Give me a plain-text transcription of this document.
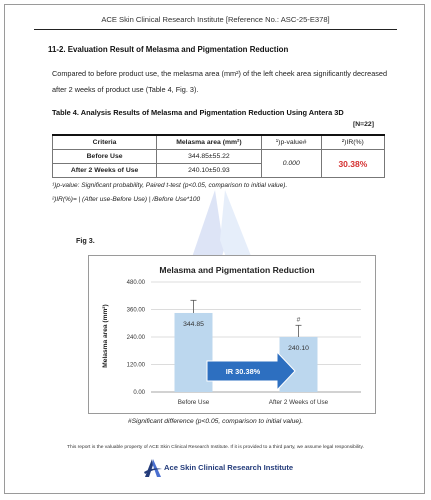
ACE Skin Clinical Research Institute [Reference No.: ASC-25-E378]
11-2. Evaluation Result of Melasma and Pigmentation Reduction
Compared to before product use, the melasma area (mm²) of the left cheek area significantly decreased after 2 weeks of product use (Table 4, Fig. 3).
Table 4. Analysis Results of Melasma and Pigmentation Reduction Using Antera 3D
[N=22]
Criteria	Melasma area (mm²)	¹)p-value#	²)IR(%)
Before Use	344.85±55.22	0.000	30.38%
After 2 Weeks of Use	240.10±50.93		
¹)p-value: Significant probability, Paired t-test (p<0.05, comparison to initial value).
²)IR(%)= | (After use-Before Use) | /Before Use*100
Fig 3.
Melasma and Pigmentation Reduction
Melasma area (mm²)
480.00
360.00
240.00
120.00
0.00
344.85
Before Use
240.10
#
After 2 Weeks of Use
IR 30.38%
#Significant difference (p<0.05, comparison to initial value).
This report is the valuable property of ACE Skin Clinical Research Institute. If it is provided to a third party, we assume legal responsibility.
Ace Skin Clinical Research Institute
